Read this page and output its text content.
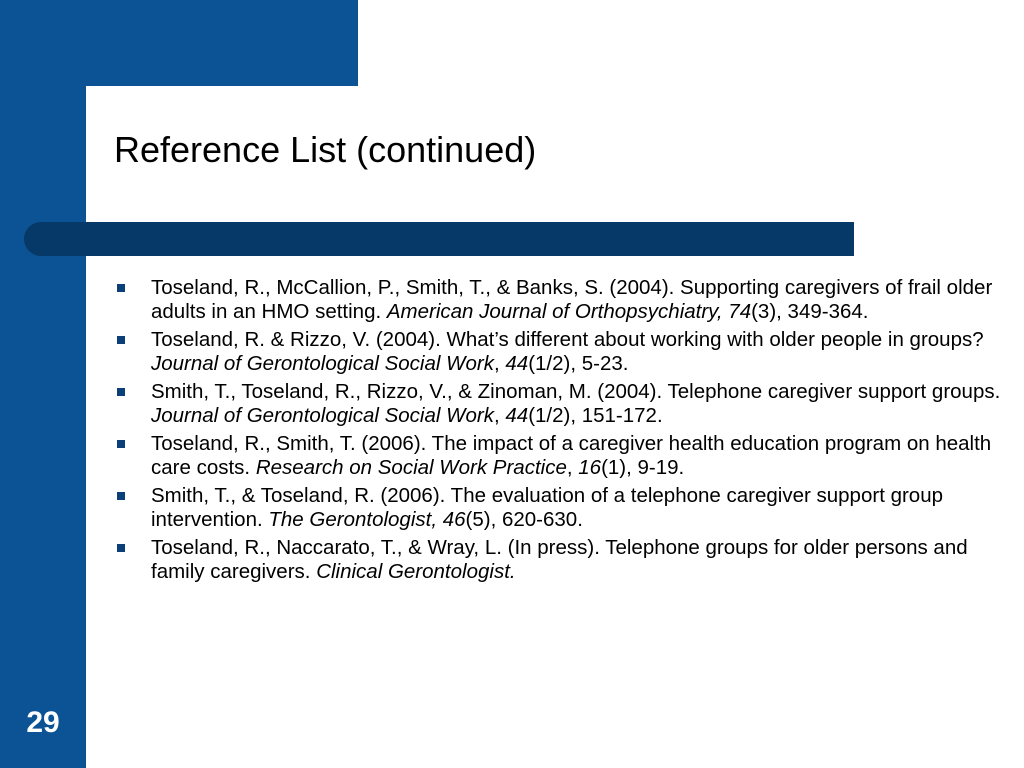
Reference List (continued)
Toseland, R., McCallion, P., Smith, T., & Banks, S. (2004). Supporting caregivers of frail older adults in an HMO setting. American Journal of Orthopsychiatry, 74(3), 349-364.
Toseland, R. & Rizzo, V. (2004). What’s different about working with older people in groups? Journal of Gerontological Social Work, 44(1/2), 5-23.
Smith, T., Toseland, R., Rizzo, V., & Zinoman, M. (2004). Telephone caregiver support groups. Journal of Gerontological Social Work, 44(1/2), 151-172.
Toseland, R., Smith, T. (2006). The impact of a caregiver health education program on health care costs. Research on Social Work Practice, 16(1), 9-19.
Smith, T., & Toseland, R. (2006). The evaluation of a telephone caregiver support group intervention. The Gerontologist, 46(5), 620-630.
Toseland, R., Naccarato, T., & Wray, L. (In press). Telephone groups for older persons and family caregivers. Clinical Gerontologist.
29
